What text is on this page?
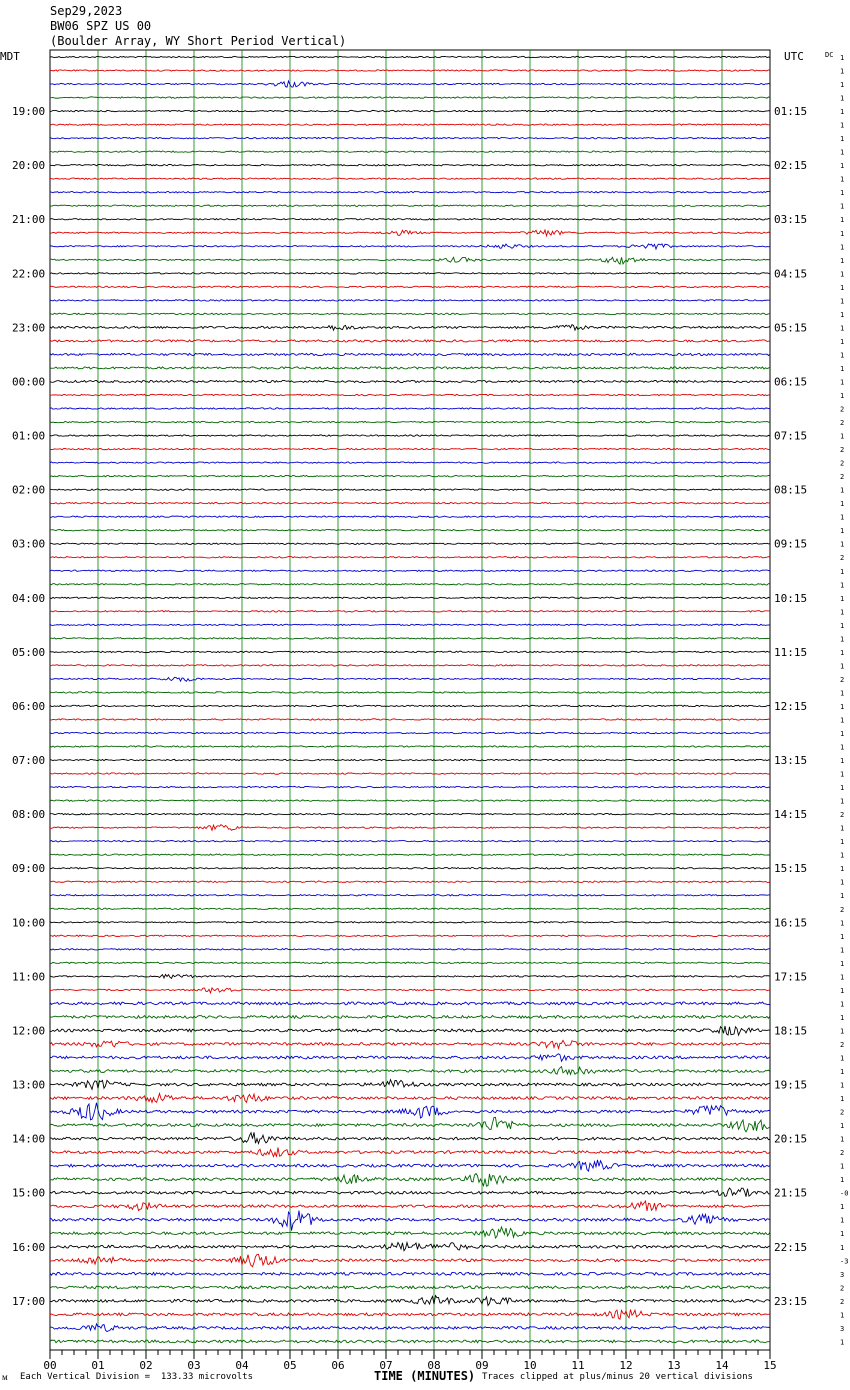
Sep29,2023
BW06 SPZ US 00
(Boulder Array, WY Short Period Vertical)
1
1
1
1
1
1
1
1
1
1
1
1
1
1
1
1
1
1
1
1
1
1
1
1
1
1
2
2
1
2
2
2
1
1
1
1
1
2
1
1
1
1
1
1
1
1
2
1
1
1
1
1
1
1
1
1
2
1
1
1
1
1
1
2
1
1
1
1
1
1
1
1
1
2
1
1
1
1
2
1
1
2
1
1
-0
1
1
1
1
-3
3
2
2
1
3
1
MDT	UTC	DC
19:00
20:00
21:00
22:00
23:00
00:00
01:00
02:00
03:00
04:00
05:00
06:00
07:00
08:00
09:00
10:00
11:00
12:00
13:00
14:00
15:00
16:00
17:00
01:15
02:15
03:15
04:15
05:15
06:15
07:15
08:15
09:15
10:15
11:15
12:15
13:15
14:15
15:15
16:15
17:15
18:15
19:15
20:15
21:15
22:15
23:15
00	01	02	03	04	05	06	07	08	09	10	11	12	13	14	15
ᴍ Each Vertical Division =  133.33 microvolts	TIME (MINUTES) Traces clipped at plus/minus 20 vertical divisions
